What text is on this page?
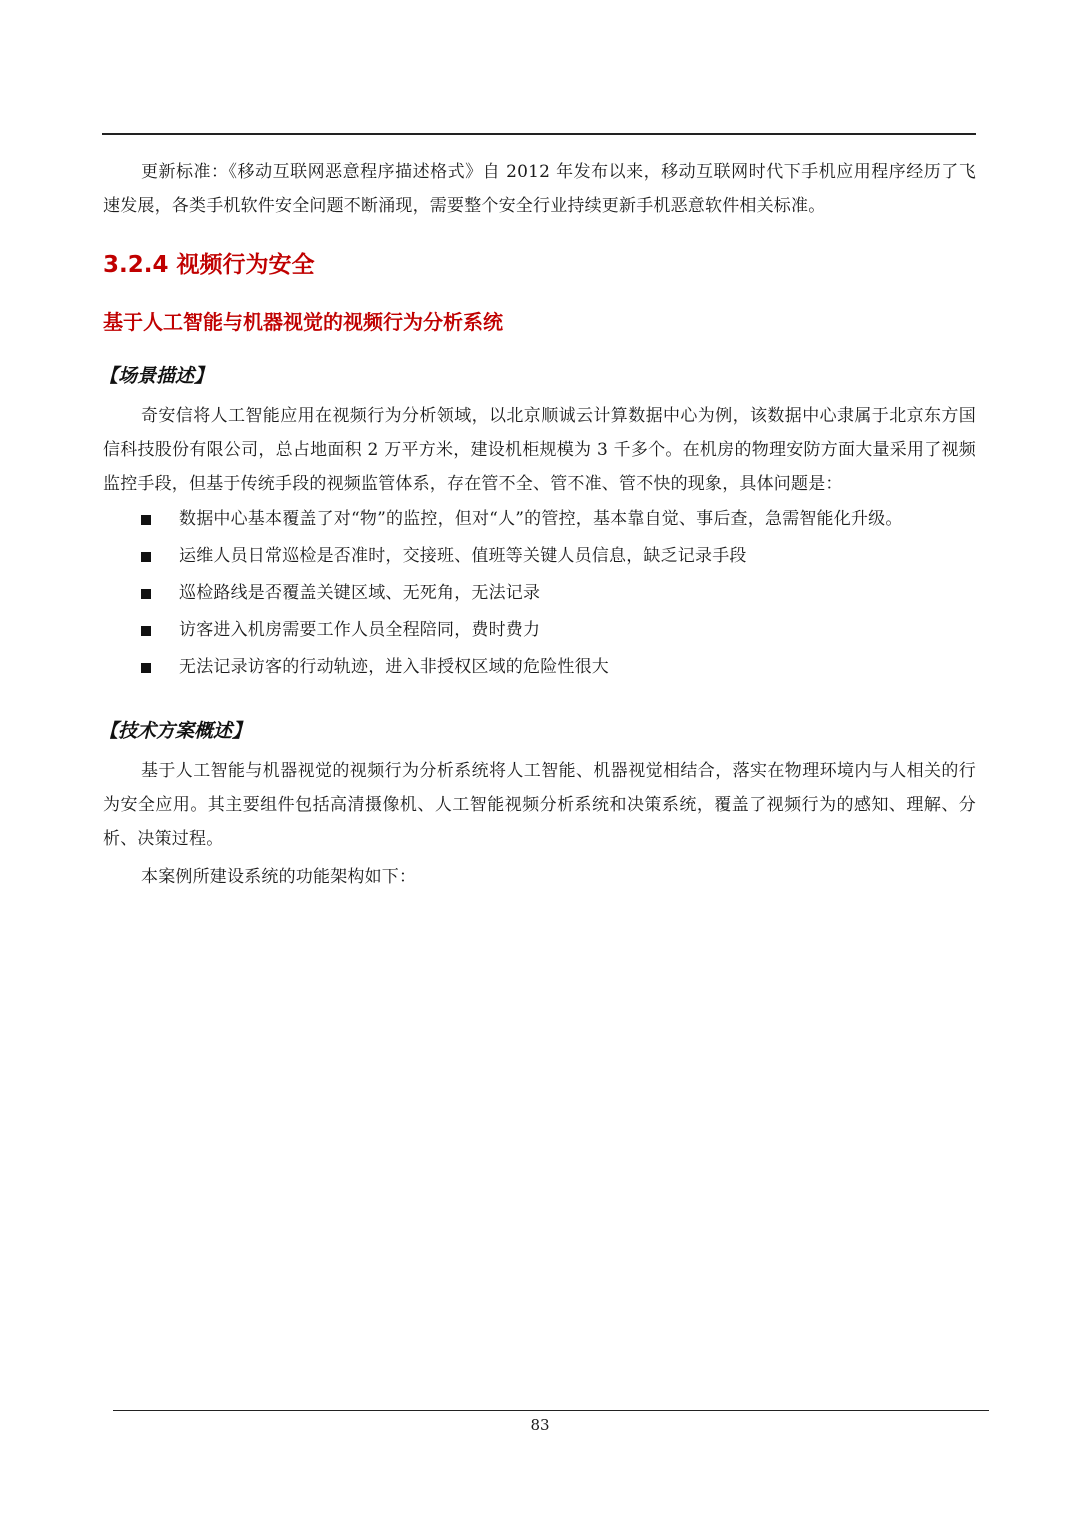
更新标准：《移动互联网恶意程序描述格式》自 2012 年发布以来，移动互联网时代下手机应用程序经历了飞速发展，各类手机软件安全问题不断涌现，需要整个安全行业持续更新手机恶意软件相关标准。

3.2.4 视频行为安全
基于人工智能与机器视觉的视频行为分析系统
【场景描述】

奇安信将人工智能应用在视频行为分析领域，以北京顺诚云计算数据中心为例，该数据中心隶属于北京东方国信科技股份有限公司，总占地面积 2 万平方米，建设机柜规模为 3 千多个。在机房的物理安防方面大量采用了视频监控手段，但基于传统手段的视频监管体系，存在管不全、管不准、管不快的现象，具体问题是：

数据中心基本覆盖了对“物”的监控，但对“人”的管控，基本靠自觉、事后查，急需智能化升级。
运维人员日常巡检是否准时，交接班、值班等关键人员信息，缺乏记录手段
巡检路线是否覆盖关键区域、无死角，无法记录
访客进入机房需要工作人员全程陪同，费时费力
无法记录访客的行动轨迹，进入非授权区域的危险性很大
【技术方案概述】

基于人工智能与机器视觉的视频行为分析系统将人工智能、机器视觉相结合，落实在物理环境内与人相关的行为安全应用。其主要组件包括高清摄像机、人工智能视频分析系统和决策系统，覆盖了视频行为的感知、理解、分析、决策过程。

本案例所建设系统的功能架构如下：

83
